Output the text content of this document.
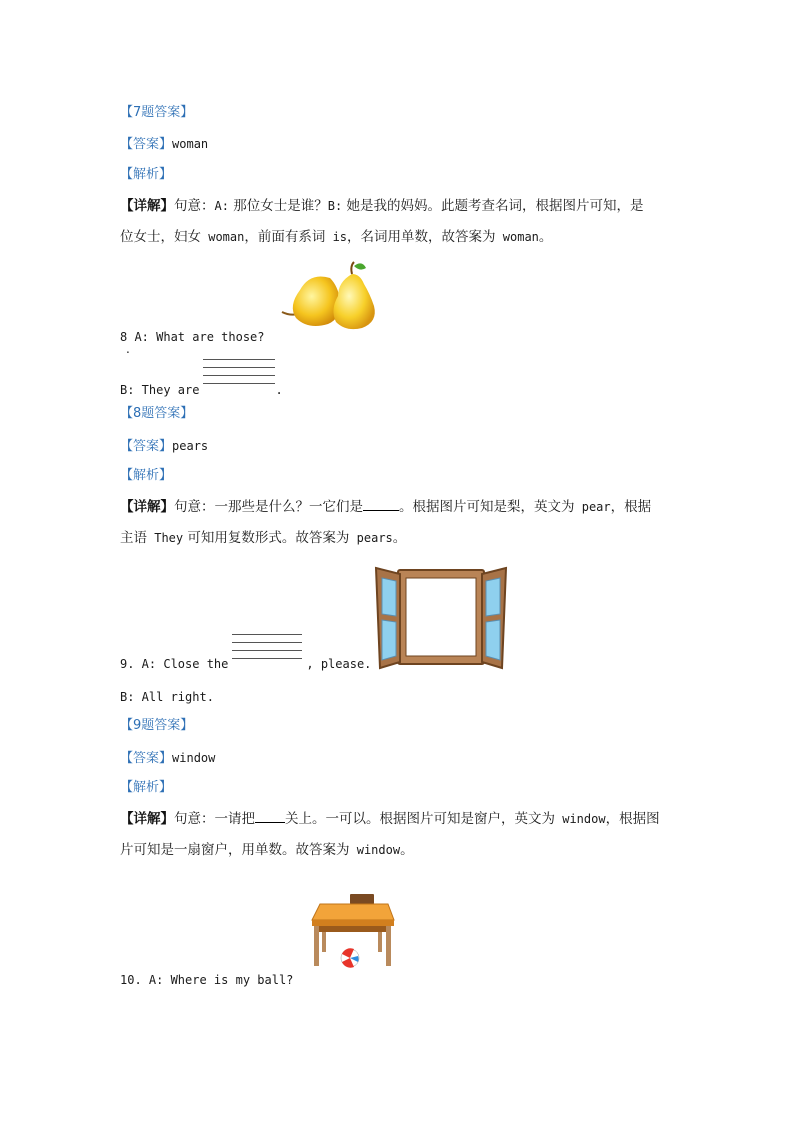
【7题答案】
【答案】woman
【解析】
【详解】句意：A: 那位女士是谁？B: 她是我的妈妈。此题考查名词，根据图片可知，是
位女士，妇女 woman，前面有系词 is，名词用单数，故答案为 woman。
8 A: What are those?
.
B: They are	.
【8题答案】
【答案】pears
【解析】
【详解】句意：一那些是什么？一它们是	。根据图片可知是梨，英文为 pear，根据
主语 They 可知用复数形式。故答案为 pears。
9. A: Close the	, please.
B: All right.
【9题答案】
【答案】window
【解析】
【详解】句意：一请把 关上。一可以。根据图片可知是窗户，英文为 window，根据图
片可知是一扇窗户，用单数。故答案为 window。
10. A: Where is my ball?
